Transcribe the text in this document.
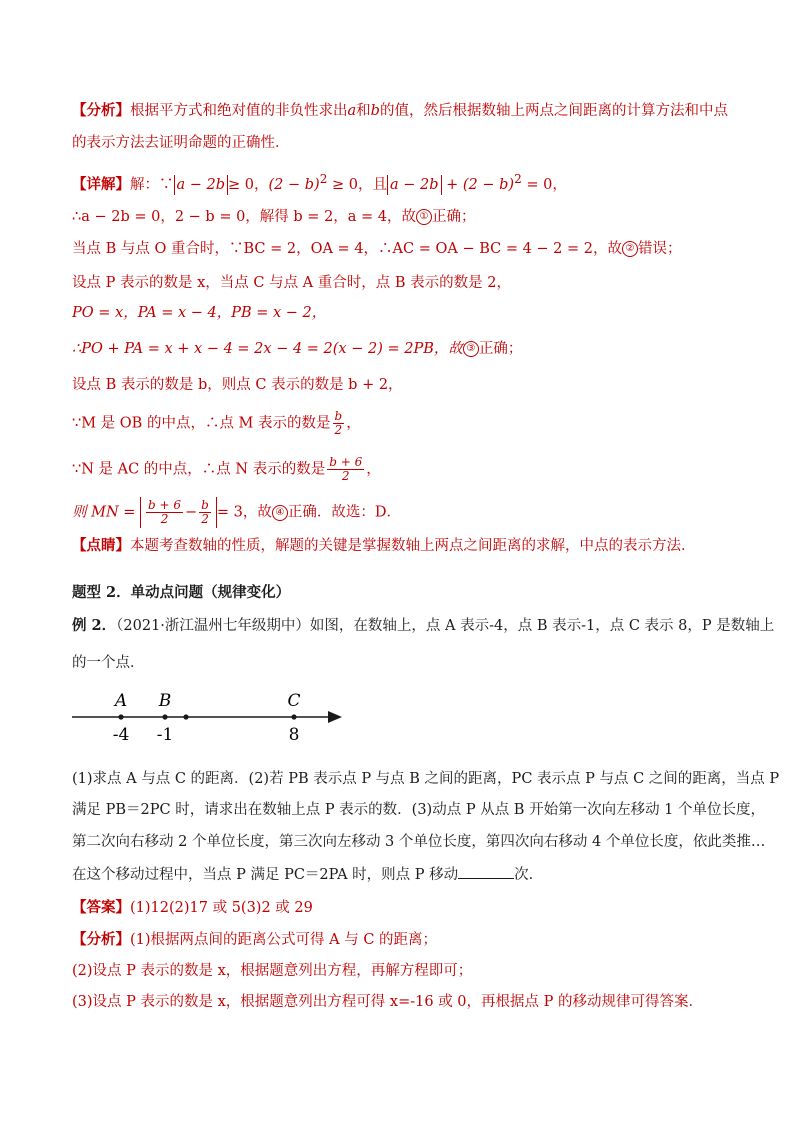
【分析】根据平方式和绝对值的非负性求出a和b的值，然后根据数轴上两点之间距离的计算方法和中点
的表示方法去证明命题的正确性．
【详解】解：∵ a − 2b ≥ 0，$(2 - b)^2 \ge 0$，且 $a - 2b + (2 - b)^2 = 0$，
∴a − 2b = 0，2 − b = 0，解得 b = 2，a = 4，故 ① 正确；
当点 B 与点 O 重合时，∵BC = 2，OA = 4，∴AC = OA − BC = 4 − 2 = 2，故 ② 错误；
设点 P 表示的数是 x，当点 C 与点 A 重合时，点 B 表示的数是 2，
PO = x，PA = x − 4，PB = x − 2，
∴PO + PA = x + x − 4 = 2x − 4 = 2(x − 2) = 2PB，故 ③ 正确；
设点 B 表示的数是 b，则点 C 表示的数是 b + 2，
∵M 是 OB 的中点，∴点 M 表示的数是 $\frac{b}{2}$ ，
∵N 是 AC 的中点，∴点 N 表示的数是 $\frac{b + 6}{2}$ ，
则 MN = $\frac{b + 6}{2} - \frac{b}{2} = 3$，故 ④ 正确．故选：D．
【点睛】本题考查数轴的性质，解题的关键是掌握数轴上两点之间距离的求解，中点的表示方法．
题型 2．单动点问题（规律变化）
例 2．（2021·浙江温州七年级期中）如图，在数轴上，点 A 表示-4，点 B 表示-1，点 C 表示 8，P 是数轴上
的一个点．
A B	C
-4 -1	8
(1)求点 A 与点 C 的距离．(2)若 PB 表示点 P 与点 B 之间的距离，PC 表示点 P 与点 C 之间的距离，当点 P
满足 PB＝2PC 时，请求出在数轴上点 P 表示的数．(3)动点 P 从点 B 开始第一次向左移动 1 个单位长度，
第二次向右移动 2 个单位长度，第三次向左移动 3 个单位长度，第四次向右移动 4 个单位长度，依此类推…
在这个移动过程中，当点 P 满足 PC＝2PA 时，则点 P 移动	次．
【答案】(1)12(2)17 或 5(3)2 或 29
【分析】(1)根据两点间的距离公式可得 A 与 C 的距离；
(2)设点 P 表示的数是 x，根据题意列出方程，再解方程即可；
(3)设点 P 表示的数是 x，根据题意列出方程可得 x=-16 或 0，再根据点 P 的移动规律可得答案．
